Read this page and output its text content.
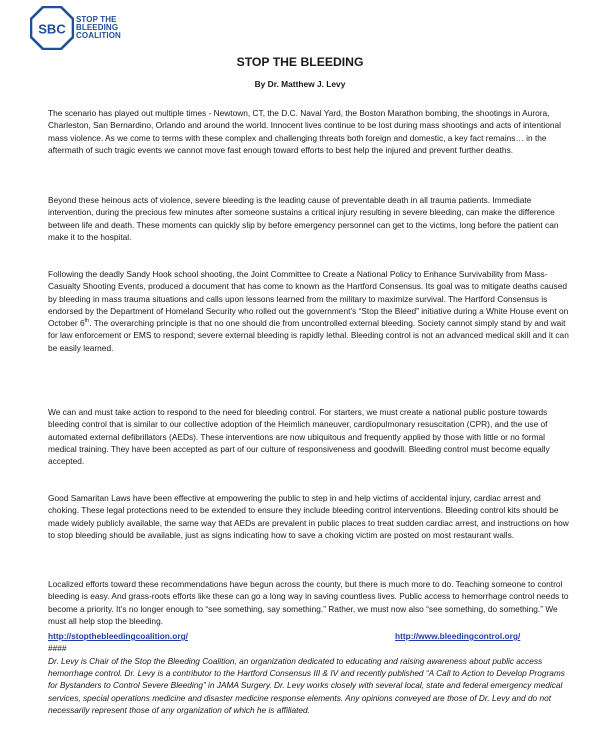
SBC
STOP THE
BLEEDING
COALITION
STOP THE BLEEDING
By Dr. Matthew J. Levy

The scenario has played out multiple times - Newtown, CT, the D.C. Naval Yard, the Boston Marathon bombing, the shootings in Aurora, Charleston, San Bernardino, Orlando and around the world. Innocent lives continue to be lost during mass shootings and acts of intentional mass violence. As we come to terms with these complex and challenging threats both foreign and domestic, a key fact remains… in the aftermath of such tragic events we cannot move fast enough toward efforts to best help the injured and prevent further deaths.

Beyond these heinous acts of violence, severe bleeding is the leading cause of preventable death in all trauma patients. Immediate intervention, during the precious few minutes after someone sustains a critical injury resulting in severe bleeding, can make the difference between life and death. These moments can quickly slip by before emergency personnel can get to the victims, long before the patient can make it to the hospital.

Following the deadly Sandy Hook school shooting, the Joint Committee to Create a National Policy to Enhance Survivability from Mass-Casualty Shooting Events, produced a document that has come to known as the Hartford Consensus. Its goal was to mitigate deaths caused by bleeding in mass trauma situations and calls upon lessons learned from the military to maximize survival. The Hartford Consensus is endorsed by the Department of Homeland Security who rolled out the government’s “Stop the Bleed” initiative during a White House event on October 6th. The overarching principle is that no one should die from uncontrolled external bleeding. Society cannot simply stand by and wait for law enforcement or EMS to respond; severe external bleeding is rapidly lethal. Bleeding control is not an advanced medical skill and it can be easily learned.

We can and must take action to respond to the need for bleeding control. For starters, we must create a national public posture towards bleeding control that is similar to our collective adoption of the Heimlich maneuver, cardiopulmonary resuscitation (CPR), and the use of automated external defibrillators (AEDs). These interventions are now ubiquitous and frequently applied by those with little or no formal medical training. They have been accepted as part of our culture of responsiveness and goodwill. Bleeding control must become equally accepted.

Good Samaritan Laws have been effective at empowering the public to step in and help victims of accidental injury, cardiac arrest and choking. These legal protections need to be extended to ensure they include bleeding control interventions. Bleeding control kits should be made widely publicly available, the same way that AEDs are prevalent in public places to treat sudden cardiac arrest, and instructions on how to stop bleeding should be available, just as signs indicating how to save a choking victim are posted on most restaurant walls.

Localized efforts toward these recommendations have begun across the county, but there is much more to do. Teaching someone to control bleeding is easy. And grass-roots efforts like these can go a long way in saving countless lives. Public access to hemorrhage control needs to become a priority. It’s no longer enough to “see something, say something.” Rather, we must now also “see something, do something.” We must all help stop the bleeding.

http://stopthebleedingcoalition.org/	http://www.bleedingcontrol.org/
####

Dr. Levy is Chair of the Stop the Bleeding Coalition, an organization dedicated to educating and raising awareness about public access hemorrhage control. Dr. Levy is a contributor to the Hartford Consensus III & IV and recently published “A Call to Action to Develop Programs for Bystanders to Control Severe Bleeding” in JAMA Surgery. Dr. Levy works closely with several local, state and federal emergency medical services, special operations medicine and disaster medicine response elements. Any opinions conveyed are those of Dr. Levy and do not necessarily represent those of any organization of which he is affiliated.
